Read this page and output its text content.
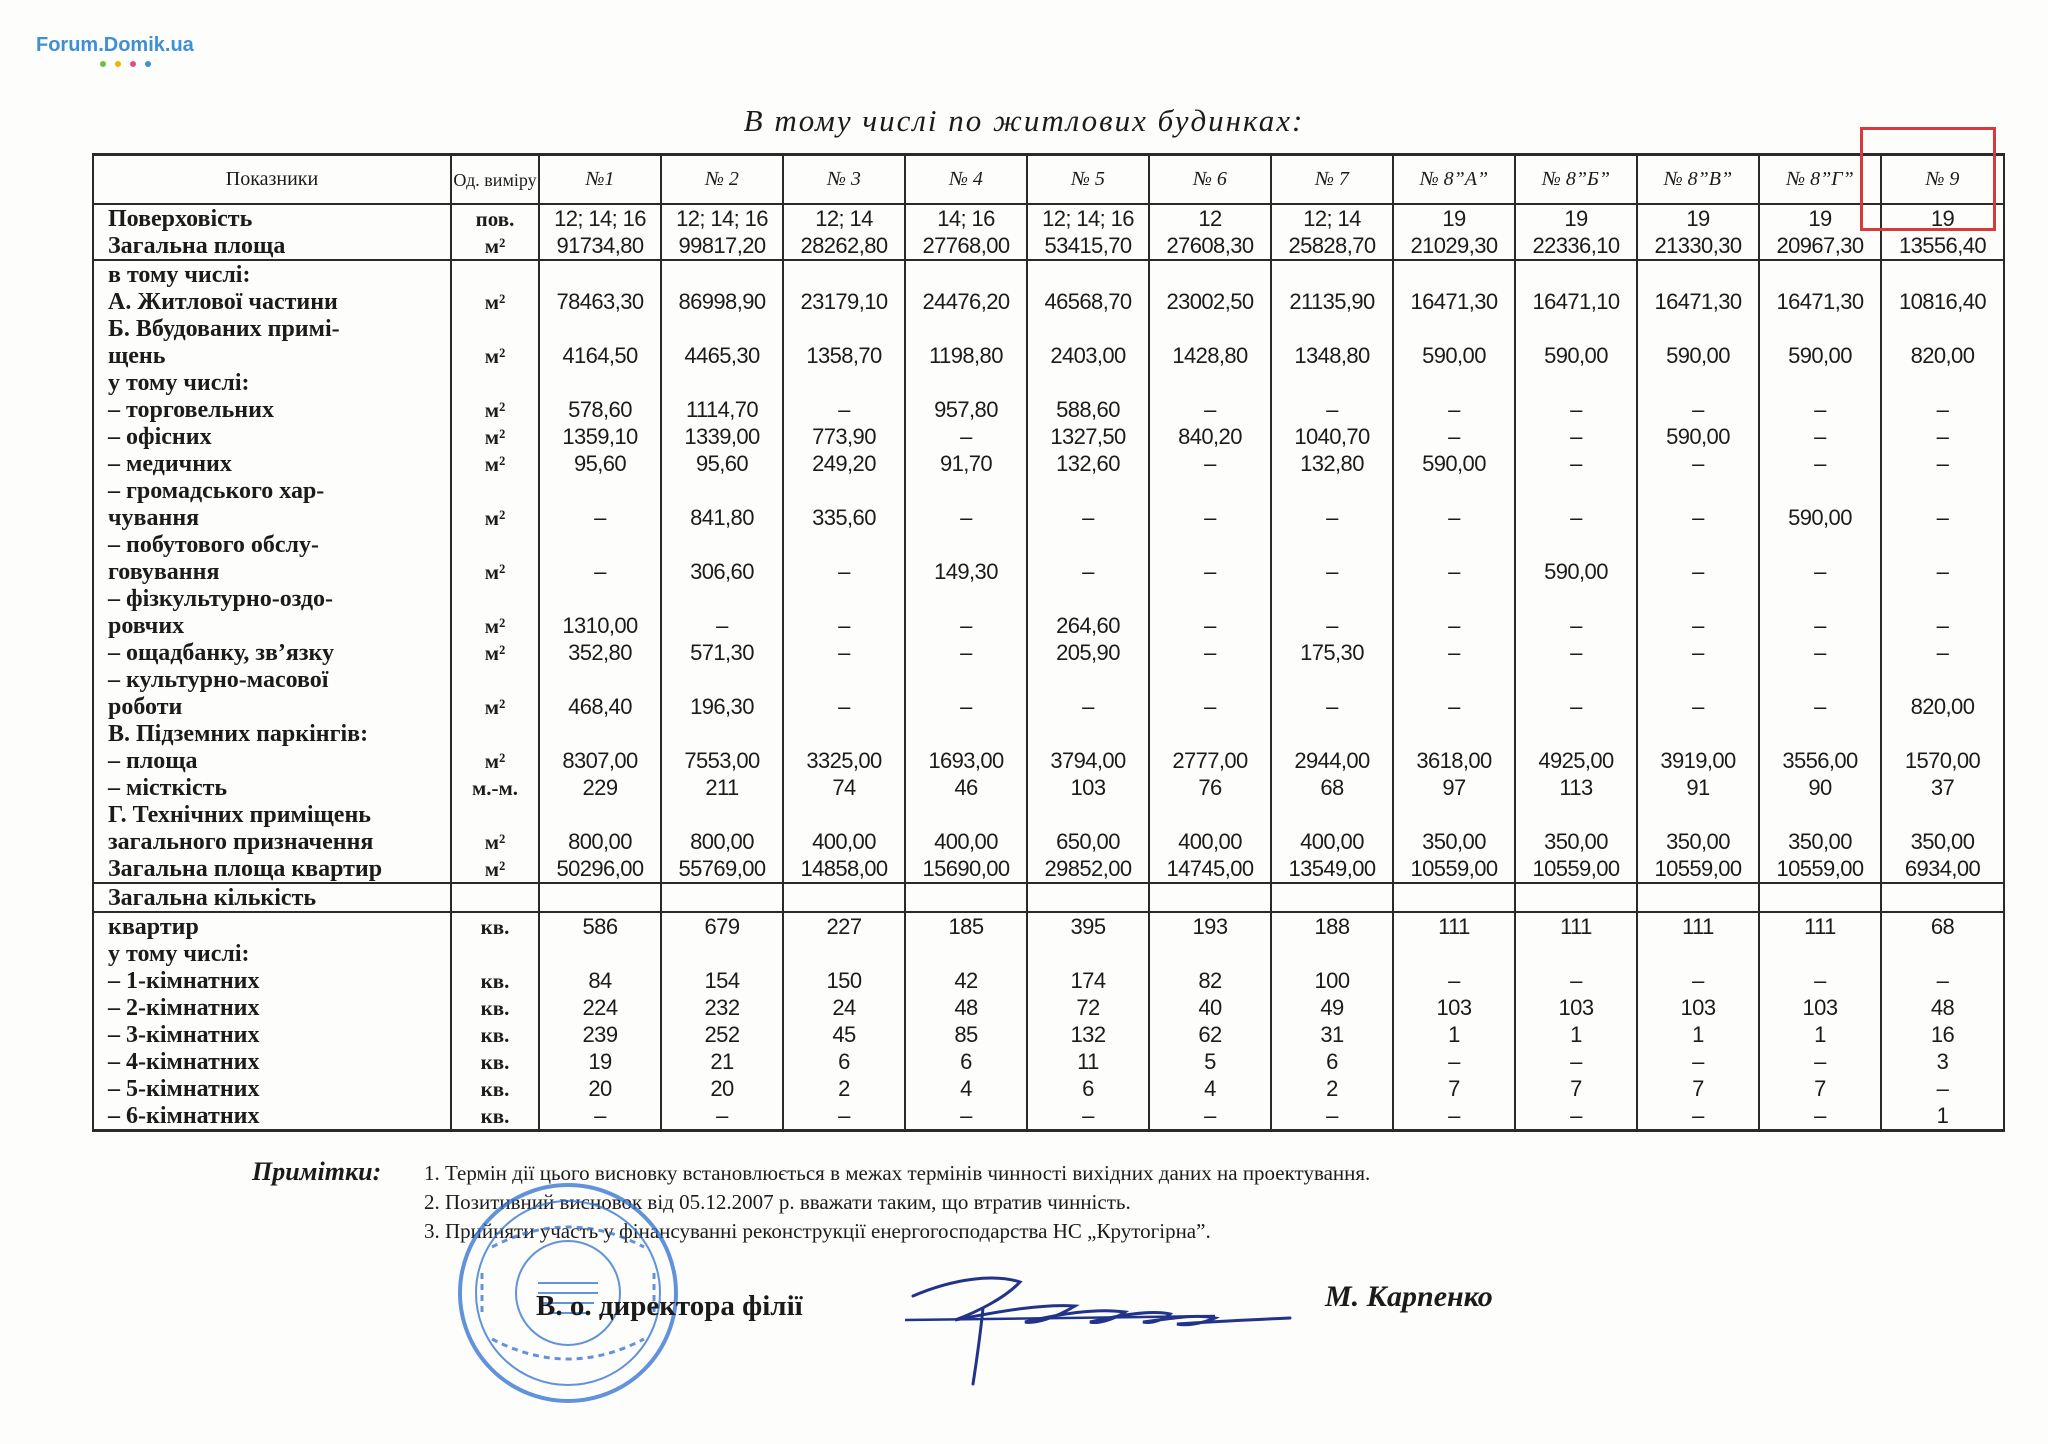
Forum.Domik.ua
В тому числі по житлових будинках:
Показники	Од. виміру	№1	№ 2	№ 3	№ 4	№ 5	№ 6	№ 7	№ 8”А”	№ 8”Б”	№ 8”В”	№ 8”Г”	№ 9
Поверховість	пов.	12; 14; 16	12; 14; 16	12; 14	14; 16	12; 14; 16	12	12; 14	19	19	19	19	19
Загальна площа	м²	91734,80	99817,20	28262,80	27768,00	53415,70	27608,30	25828,70	21029,30	22336,10	21330,30	20967,30	13556,40
в тому числі:													
А. Житлової частини	м²	78463,30	86998,90	23179,10	24476,20	46568,70	23002,50	21135,90	16471,30	16471,10	16471,30	16471,30	10816,40
Б. Вбудованих примі-													
щень	м²	4164,50	4465,30	1358,70	1198,80	2403,00	1428,80	1348,80	590,00	590,00	590,00	590,00	820,00
у тому числі:													
– торговельних	м²	578,60	1114,70	–	957,80	588,60	–	–	–	–	–	–	–
– офісних	м²	1359,10	1339,00	773,90	–	1327,50	840,20	1040,70	–	–	590,00	–	–
– медичних	м²	95,60	95,60	249,20	91,70	132,60	–	132,80	590,00	–	–	–	–
– громадського хар-													
чування	м²	–	841,80	335,60	–	–	–	–	–	–	–	590,00	–
– побутового обслу-													
говування	м²	–	306,60	–	149,30	–	–	–	–	590,00	–	–	–
– фізкультурно-оздо-													
ровчих	м²	1310,00	–	–	–	264,60	–	–	–	–	–	–	–
– ощадбанку, зв’язку	м²	352,80	571,30	–	–	205,90	–	175,30	–	–	–	–	–
– культурно-масової													
роботи	м²	468,40	196,30	–	–	–	–	–	–	–	–	–	820,00
В. Підземних паркінгів:													
– площа	м²	8307,00	7553,00	3325,00	1693,00	3794,00	2777,00	2944,00	3618,00	4925,00	3919,00	3556,00	1570,00
– місткість	м.-м.	229	211	74	46	103	76	68	97	113	91	90	37
Г. Технічних приміщень													
загального призначення	м²	800,00	800,00	400,00	400,00	650,00	400,00	400,00	350,00	350,00	350,00	350,00	350,00
Загальна площа квартир	м²	50296,00	55769,00	14858,00	15690,00	29852,00	14745,00	13549,00	10559,00	10559,00	10559,00	10559,00	6934,00
Загальна кількість													
квартир	кв.	586	679	227	185	395	193	188	111	111	111	111	68
у тому числі:													
– 1-кімнатних	кв.	84	154	150	42	174	82	100	–	–	–	–	–
– 2-кімнатних	кв.	224	232	24	48	72	40	49	103	103	103	103	48
– 3-кімнатних	кв.	239	252	45	85	132	62	31	1	1	1	1	16
– 4-кімнатних	кв.	19	21	6	6	11	5	6	–	–	–	–	3
– 5-кімнатних	кв.	20	20	2	4	6	4	2	7	7	7	7	–
– 6-кімнатних	кв.	–	–	–	–	–	–	–	–	–	–	–	1
Примітки: 1. Термін дії цього висновку встановлюється в межах термінів чинності вихідних даних на проектування.
2. Позитивний висновок від 05.12.2007 р. вважати таким, що втратив чинність.
3. Прийняти участь у фінансуванні реконструкції енергогосподарства НС „Крутогірна”.
В. о. директора філії	М. Карпенко
